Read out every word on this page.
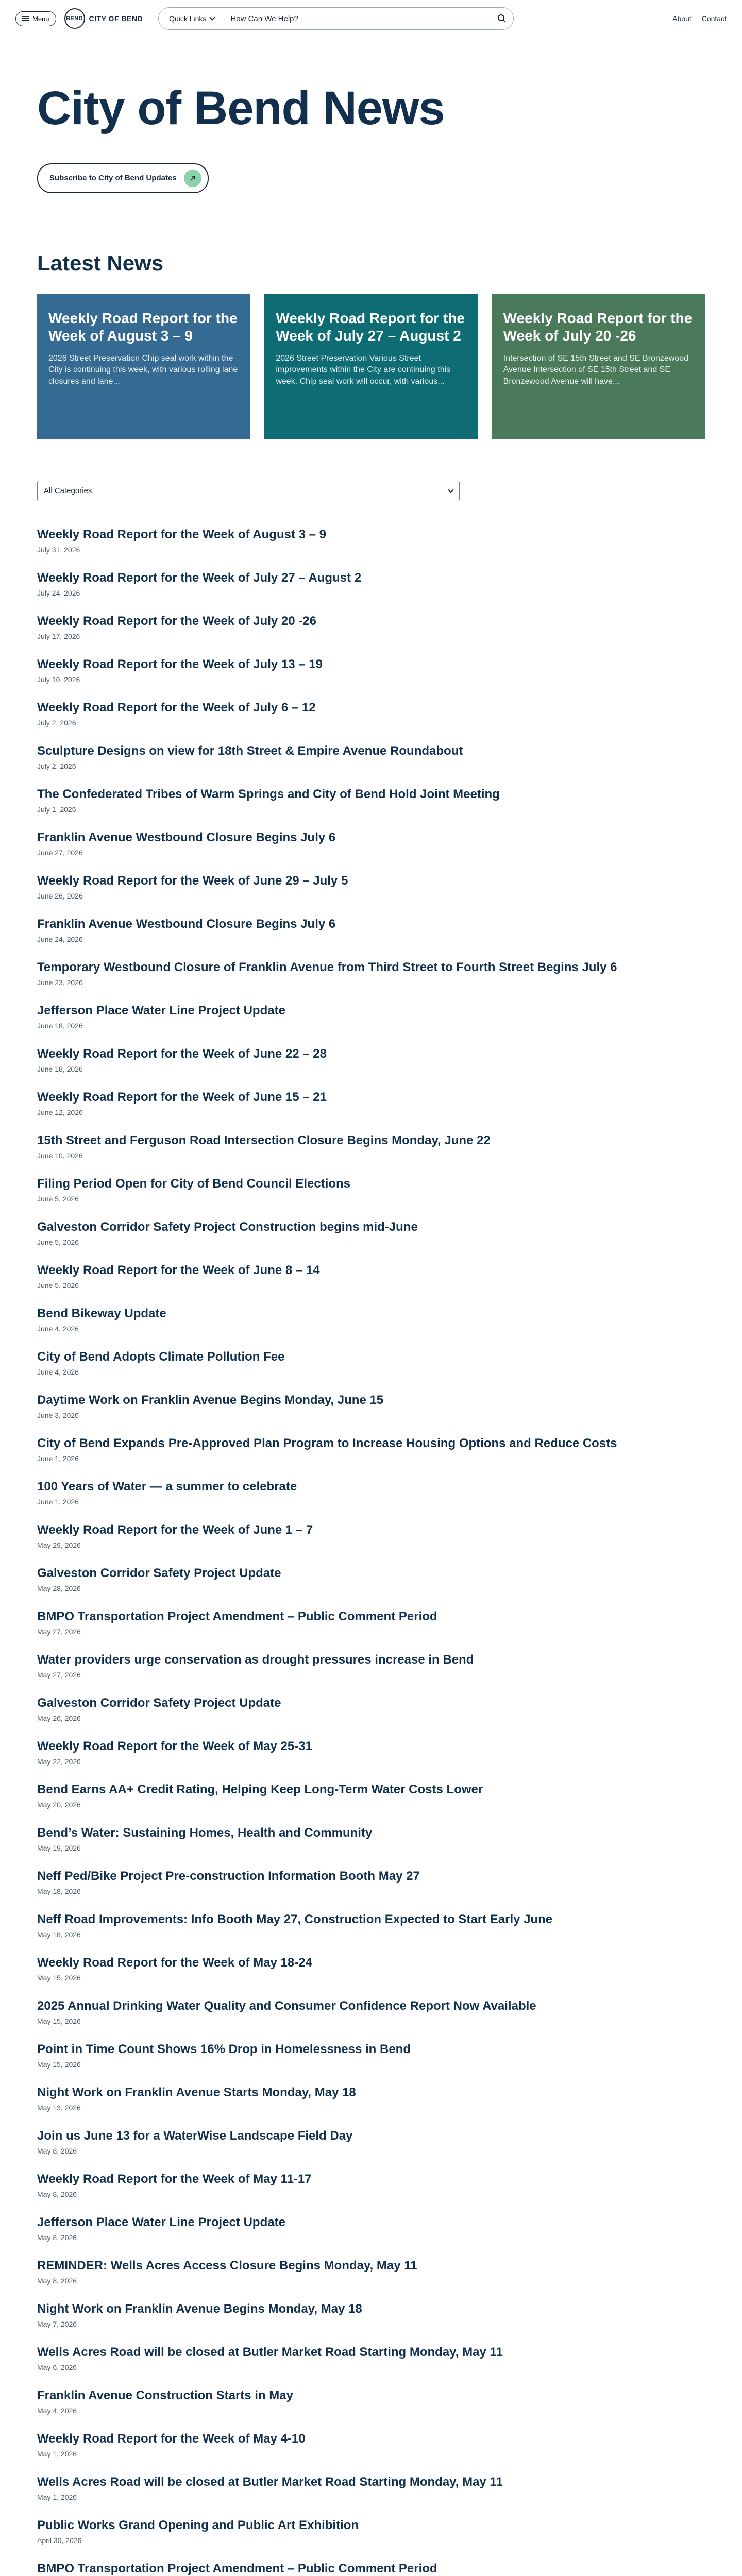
Menu	BEND CITY OF BEND	Quick Links
How Can We Help?	About Contact
City of Bend News
Subscribe to City of Bend Updates	↗
Latest News
Weekly Road Report for the Week of August 3 – 9

2026 Street Preservation Chip seal work within the City is continuing this week, with various rolling lane closures and lane...

Weekly Road Report for the Week of July 27 – August 2

2026 Street Preservation Various Street improvements within the City are continuing this week. Chip seal work will occur, with various...

Weekly Road Report for the Week of July 20 -26

Intersection of SE 15th Street and SE Bronzewood Avenue Intersection of SE 15th Street and SE Bronzewood Avenue will have...

All Categories
Weekly Road Report for the Week of August 3 – 9
July 31, 2026
Weekly Road Report for the Week of July 27 – August 2
July 24, 2026
Weekly Road Report for the Week of July 20 -26
July 17, 2026
Weekly Road Report for the Week of July 13 – 19
July 10, 2026
Weekly Road Report for the Week of July 6 – 12
July 2, 2026
Sculpture Designs on view for 18th Street & Empire Avenue Roundabout
July 2, 2026
The Confederated Tribes of Warm Springs and City of Bend Hold Joint Meeting
July 1, 2026
Franklin Avenue Westbound Closure Begins July 6
June 27, 2026
Weekly Road Report for the Week of June 29 – July 5
June 26, 2026
Franklin Avenue Westbound Closure Begins July 6
June 24, 2026
Temporary Westbound Closure of Franklin Avenue from Third Street to Fourth Street Begins July 6
June 23, 2026
Jefferson Place Water Line Project Update
June 18, 2026
Weekly Road Report for the Week of June 22 – 28
June 18, 2026
Weekly Road Report for the Week of June 15 – 21
June 12, 2026
15th Street and Ferguson Road Intersection Closure Begins Monday, June 22
June 10, 2026
Filing Period Open for City of Bend Council Elections
June 5, 2026
Galveston Corridor Safety Project Construction begins mid-June
June 5, 2026
Weekly Road Report for the Week of June 8 – 14
June 5, 2026
Bend Bikeway Update
June 4, 2026
City of Bend Adopts Climate Pollution Fee
June 4, 2026
Daytime Work on Franklin Avenue Begins Monday, June 15
June 3, 2026
City of Bend Expands Pre-Approved Plan Program to Increase Housing Options and Reduce Costs
June 1, 2026
100 Years of Water — a summer to celebrate
June 1, 2026
Weekly Road Report for the Week of June 1 – 7
May 29, 2026
Galveston Corridor Safety Project Update
May 28, 2026
BMPO Transportation Project Amendment – Public Comment Period
May 27, 2026
Water providers urge conservation as drought pressures increase in Bend
May 27, 2026
Galveston Corridor Safety Project Update
May 26, 2026
Weekly Road Report for the Week of May 25-31
May 22, 2026
Bend Earns AA+ Credit Rating, Helping Keep Long-Term Water Costs Lower
May 20, 2026
Bend’s Water: Sustaining Homes, Health and Community
May 19, 2026
Neff Ped/Bike Project Pre-construction Information Booth May 27
May 18, 2026
Neff Road Improvements: Info Booth May 27, Construction Expected to Start Early June
May 18, 2026
Weekly Road Report for the Week of May 18-24
May 15, 2026
2025 Annual Drinking Water Quality and Consumer Confidence Report Now Available
May 15, 2026
Point in Time Count Shows 16% Drop in Homelessness in Bend
May 15, 2026
Night Work on Franklin Avenue Starts Monday, May 18
May 13, 2026
Join us June 13 for a WaterWise Landscape Field Day
May 8, 2026
Weekly Road Report for the Week of May 11-17
May 8, 2026
Jefferson Place Water Line Project Update
May 8, 2026
REMINDER: Wells Acres Access Closure Begins Monday, May 11
May 8, 2026
Night Work on Franklin Avenue Begins Monday, May 18
May 7, 2026
Wells Acres Road will be closed at Butler Market Road Starting Monday, May 11
May 6, 2026
Franklin Avenue Construction Starts in May
May 4, 2026
Weekly Road Report for the Week of May 4-10
May 1, 2026
Wells Acres Road will be closed at Butler Market Road Starting Monday, May 11
May 1, 2026
Public Works Grand Opening and Public Art Exhibition
April 30, 2026
BMPO Transportation Project Amendment – Public Comment Period
